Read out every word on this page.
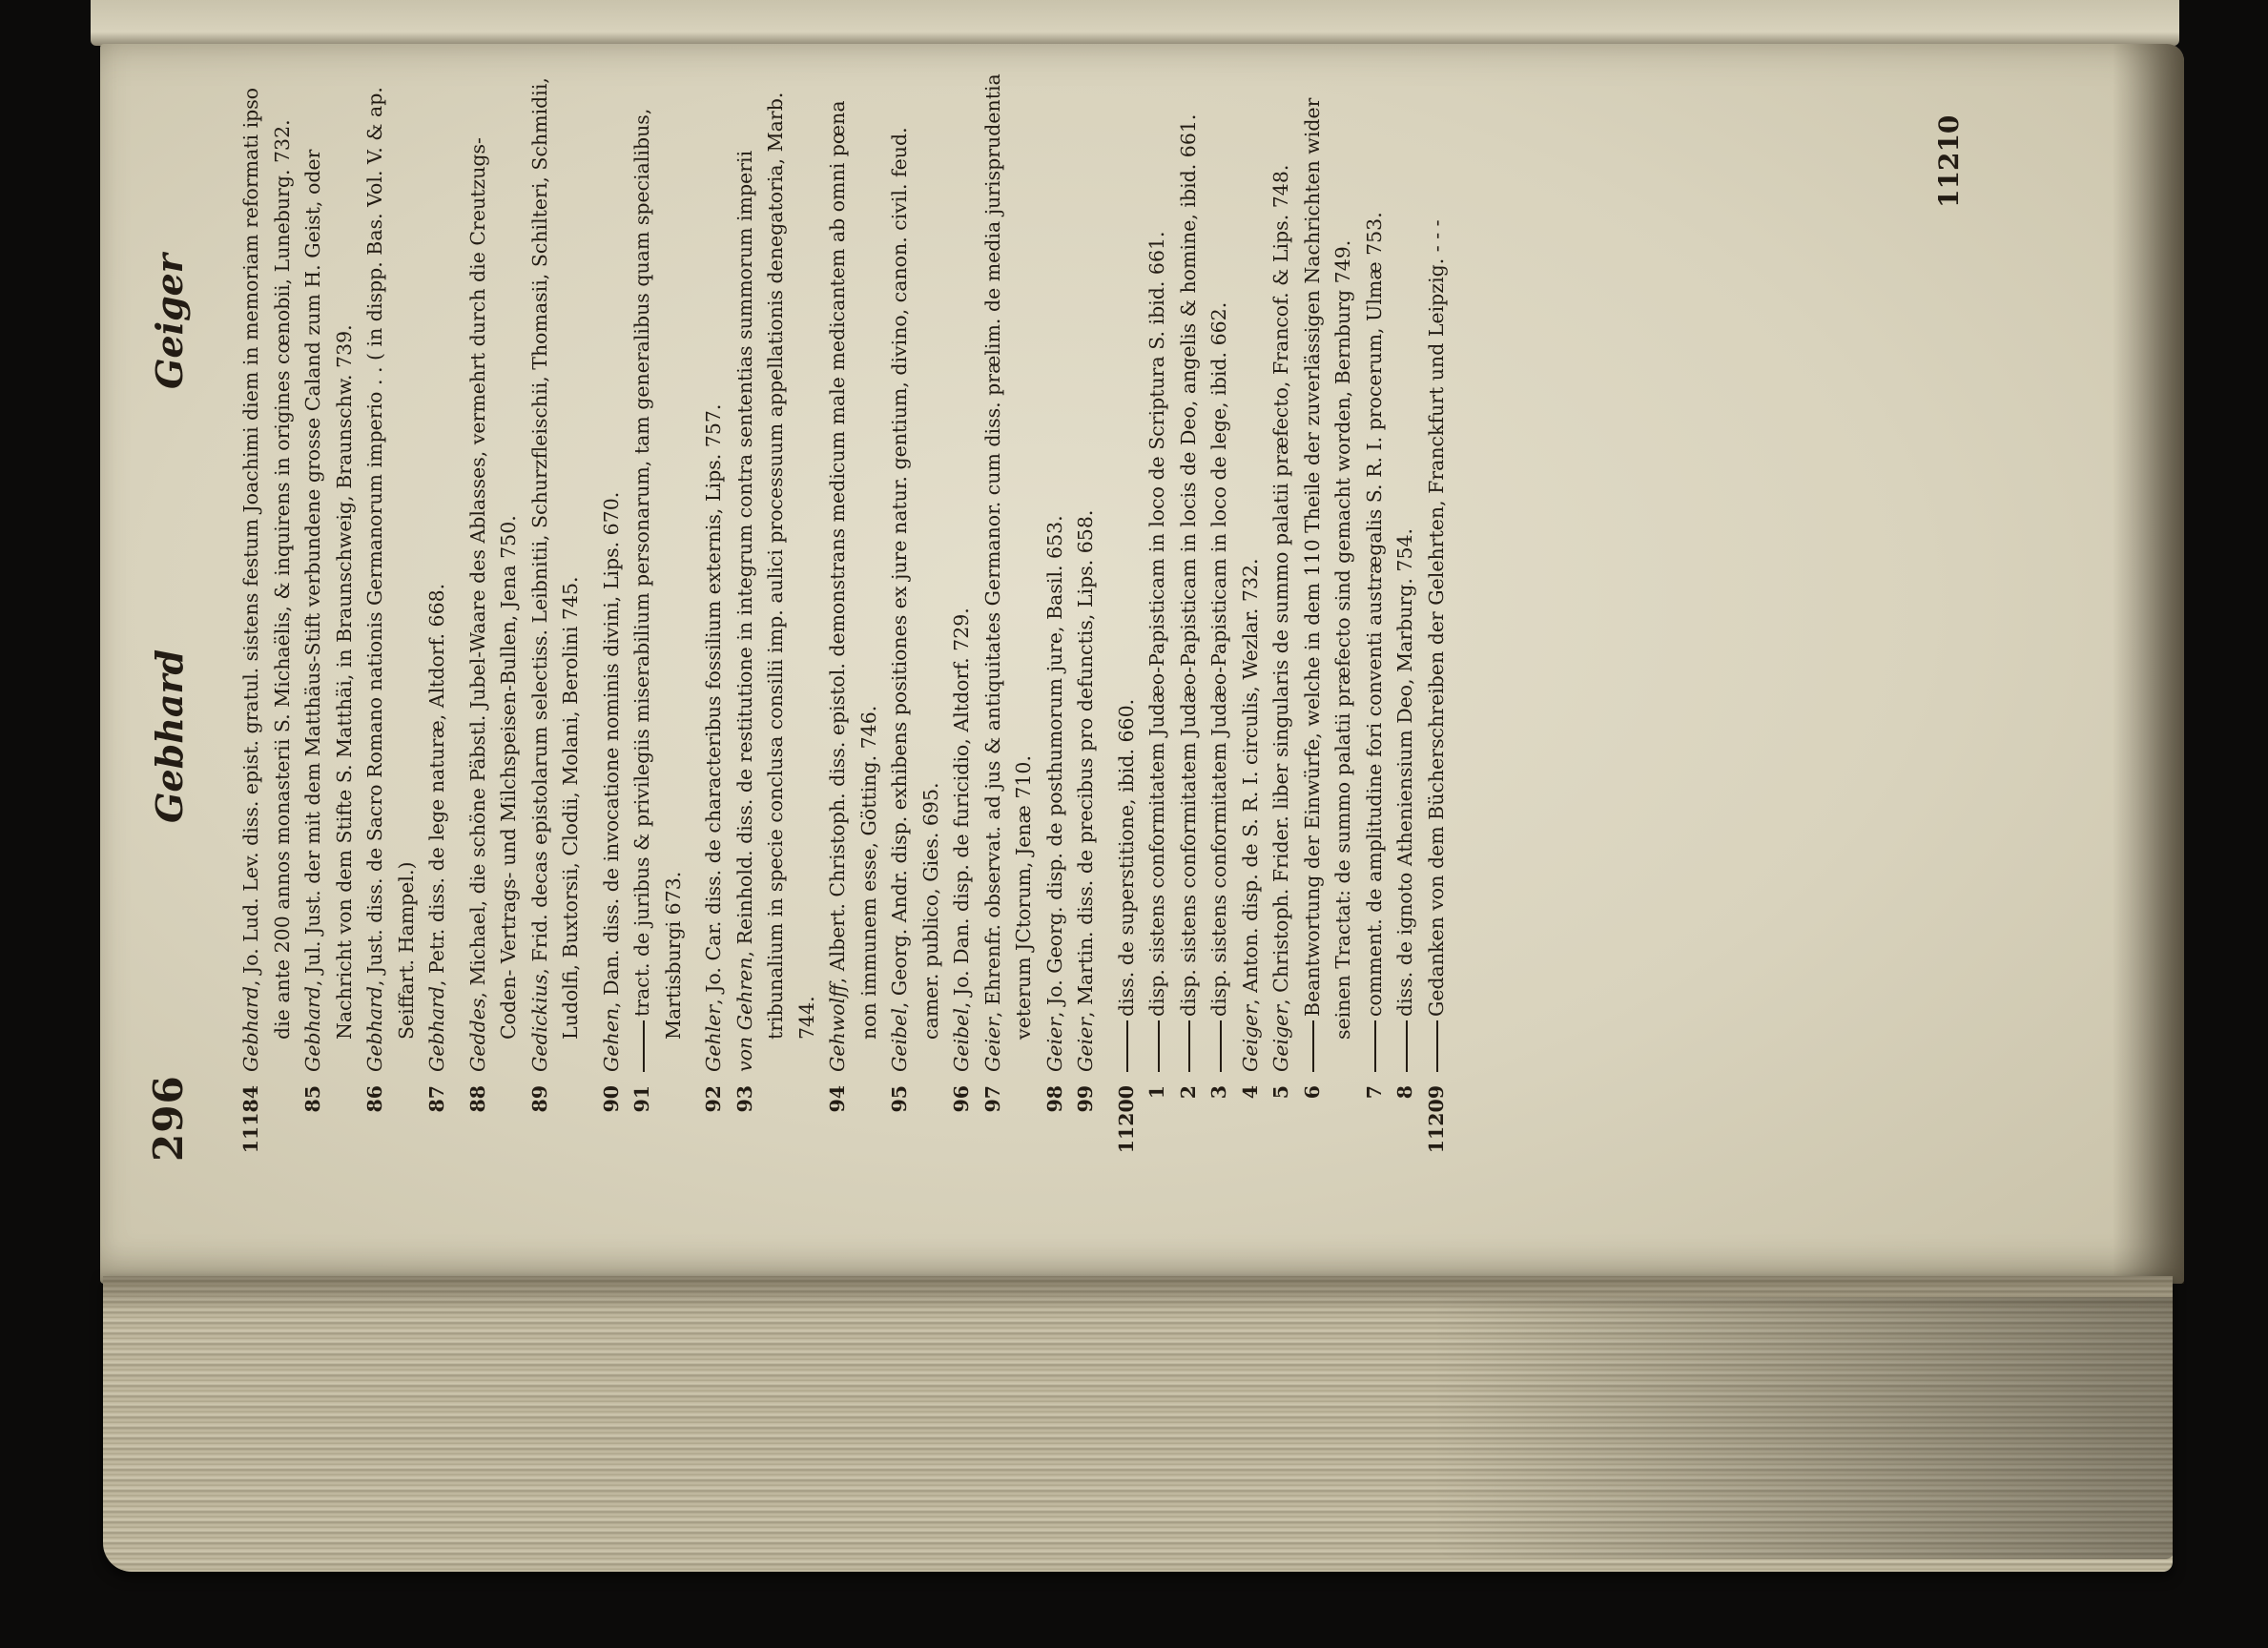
296
Gebhard
Geiger
11184
Gebhard, Jo. Lud. Lev. diss. epist. gratul. sistens festum Joachimi diem in memoriam reformati ipso die ante 200 annos monasterii S. Michaëlis, & inquirens in origines cœnobii, Luneburg. 732.
85
Gebhard, Jul. Just. der mit dem Matthäus-Stift verbundene grosse Caland zum H. Geist, oder Nachricht von dem Stifte S. Matthäi, in Braunschweig, Braunschw. 739.
86
Gebhard, Just. diss. de Sacro Romano nationis Germanorum imperio . . ( in dispp. Bas. Vol. V. & ap. Seiffart. Hampel.)
87
Gebhard, Petr. diss. de lege naturæ, Altdorf. 668.
88
Geddes, Michael, die schöne Päbstl. Jubel-Waare des Ablasses, vermehrt durch die Creutzugs- Coden- Vertrags- und Milchspeisen-Bullen, Jena 750.
89
Gedickius, Frid. decas epistolarum selectiss. Leibnitii, Schurzfleischii, Thomasii, Schilteri, Schmidii, Ludolfi, Buxtorsii, Clodii, Molani, Berolini 745.
90
Gehen, Dan. diss. de invocatione nominis divini, Lips. 670.
91
tract. de juribus & privilegiis miserabilium personarum, tam generalibus quam specialibus, Martisburgi 673.
92
Gehler, Jo. Car. diss. de characteribus fossilium externis, Lips. 757.
93
von Gehren, Reinhold. diss. de restitutione in integrum contra sententias summorum imperii tribunalium in specie conclusa consilii imp. aulici processuum appellationis denegatoria, Marb. 744.
94
Gehwolff, Albert. Christoph. diss. epistol. demonstrans medicum male medicantem ab omni pœna non immunem esse, Götting. 746.
95
Geibel, Georg. Andr. disp. exhibens positiones ex jure natur. gentium, divino, canon. civil. feud. camer. publico, Gies. 695.
96
Geibel, Jo. Dan. disp. de furicidio, Altdorf. 729.
97
Geier, Ehrenfr. observat. ad jus & antiquitates Germanor. cum diss. prælim. de media jurisprudentia veterum JCtorum, Jenæ 710.
98
Geier, Jo. Georg. disp. de posthumorum jure, Basil. 653.
99
Geier, Martin. diss. de precibus pro defunctis, Lips. 658.
11200
diss. de superstitione, ibid. 660.
1
disp. sistens conformitatem Judæo-Papisticam in loco de Scriptura S. ibid. 661.
2
disp. sistens conformitatem Judæo-Papisticam in locis de Deo, angelis & homine, ibid. 661.
3
disp. sistens conformitatem Judæo-Papisticam in loco de lege, ibid. 662.
4
Geiger, Anton. disp. de S. R. I. circulis, Wezlar. 732.
5
Geiger, Christoph. Frider. liber singularis de summo palatii præfecto, Francof. & Lips. 748.
6
Beantwortung der Einwürfe, welche in dem 110 Theile der zuverlässigen Nachrichten wider seinen Tractat: de summo palatii præfecto sind gemacht worden, Bernburg 749.
7
comment. de amplitudine fori conventi austrægalis S. R. I. procerum, Ulmæ 753.
8
diss. de ignoto Atheniensium Deo, Marburg. 754.
11209
Gedanken von dem Bücherschreiben der Gelehrten, Franckfurt und Leipzig. - - -
11210
